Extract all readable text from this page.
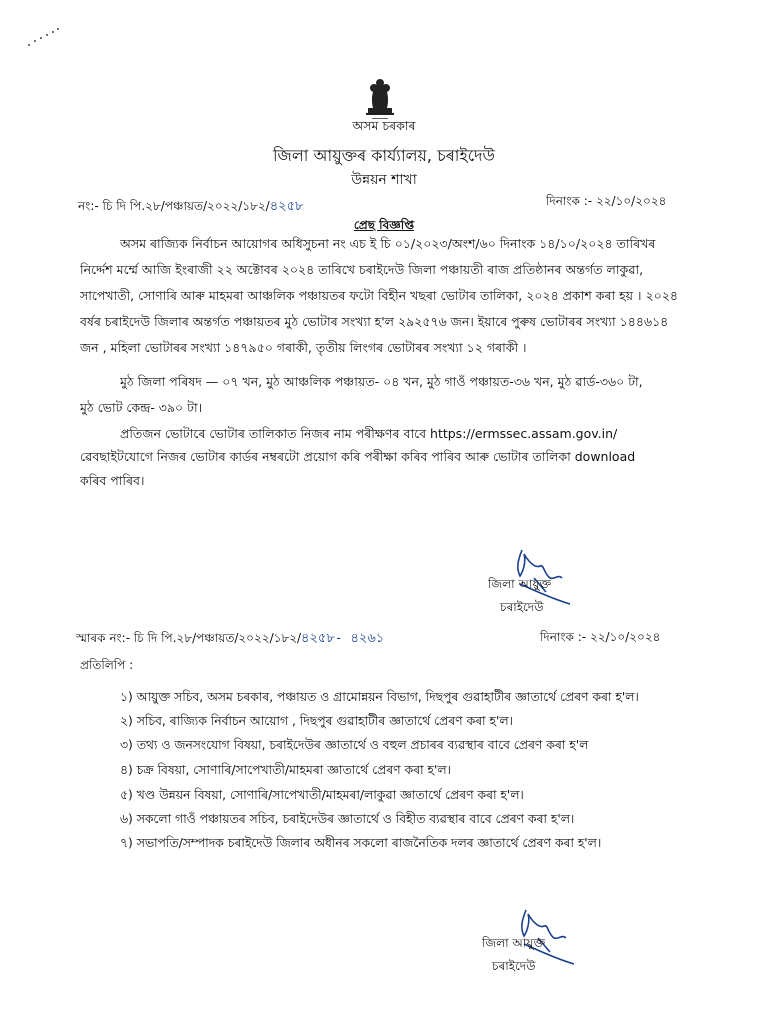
অসম চৰকাৰ
জিলা আয়ুক্তৰ কাৰ্য্যালয়, চৰাইদেউ
উন্নয়ন শাখা
নং:- চি দি পি.২৮/পঞ্চায়ত/২০২২/১৮২/৪২৫৮	দিনাংক :- ২২/১০/২০২৪
প্ৰেছ বিজ্ঞপ্তি
অসম ৰাজ্যিক নিৰ্বাচন আয়োগৰ অধিসুচনা নং এচ ই চি ০১/২০২৩/অংশ/৬০ দিনাংক ১৪/১০/২০২৪ তাৰিখৰ
নিৰ্দ্দেশ মৰ্ম্মে আজি ইংৰাজী ২২ অক্টোবৰ ২০২৪ তাৰিখে চৰাইদেউ জিলা পঞ্চায়তী ৰাজ প্ৰতিষ্ঠানৰ অন্তৰ্গত লাকুৱা,
সাপেখাতী, সোণাৰি আৰু মাহমৰা আঞ্চলিক পঞ্চায়তৰ ফটো বিহীন খছৰা ভোটাৰ তালিকা, ২০২৪ প্ৰকাশ কৰা হয় । ২০২৪
বৰ্ষৰ চৰাইদেউ জিলাৰ অন্তৰ্গত পঞ্চায়তৰ মুঠ ভোটাৰ সংখ্যা হ'ল ২৯২৫৭৬ জন। ইয়াৰে পুৰুষ ভোটাৰৰ সংখ্যা ১৪৪৬১৪
জন , মহিলা ভোটাৰৰ সংখ্যা ১৪৭৯৫০ গৰাকী, তৃতীয় লিংগৰ ভোটাৰৰ সংখ্যা ১২ গৰাকী ।
মুঠ জিলা পৰিষদ — ০৭ খন, মুঠ আঞ্চলিক পঞ্চায়ত- ০৪ খন, মুঠ গাওঁ পঞ্চায়ত-৩৬ খন, মুঠ ৱাৰ্ড-৩৬০ টা,
মুঠ ভোট কেন্দ্ৰ- ৩৯০ টা।
প্ৰতিজন ভোটাৰে ভোটাৰ তালিকাত নিজৰ নাম পৰীক্ষণৰ বাবে https://ermssec.assam.gov.in/
ৱেবছাইটযোগে নিজৰ ভোটাৰ কাৰ্ডৰ নম্বৰটো প্ৰয়োগ কৰি পৰীক্ষা কৰিব পাৰিব আৰু ভোটাৰ তালিকা download
কৰিব পাৰিব।
জিলা আয়ুক্ত
চৰাইদেউ
স্মাৰক নং:- চি দি পি.২৮/পঞ্চায়ত/২০২২/১৮২/৪২৫৮- ৪২৬১	দিনাংক :- ২২/১০/২০২৪
প্ৰতিলিপি :
১) আয়ুক্ত সচিব, অসম চৰকাৰ, পঞ্চায়ত ও গ্ৰামোন্নয়ন বিভাগ, দিছপুৰ গুৱাহাটীৰ জ্ঞাতাৰ্থে প্ৰেৰণ কৰা হ'ল।
২) সচিব, ৰাজ্যিক নিৰ্বাচন আয়োগ , দিছপুৰ গুৱাহাটীৰ জ্ঞাতাৰ্থে প্ৰেৰণ কৰা হ'ল।
৩) তথ্য ও জনসংযোগ বিষয়া, চৰাইদেউৰ জ্ঞাতাৰ্থে ও বহুল প্ৰচাৰৰ ব্যৱস্থাৰ বাবে প্ৰেৰণ কৰা হ'ল
৪) চক্ৰ বিষয়া, সোণাৰি/সাপেখাতী/মাহমৰা জ্ঞাতাৰ্থে প্ৰেৰণ কৰা হ'ল।
৫) খণ্ড উন্নয়ন বিষয়া, সোণাৰি/সাপেখাতী/মাহমৰা/লাকুৱা জ্ঞাতাৰ্থে প্ৰেৰণ কৰা হ'ল।
৬) সকলো গাওঁ পঞ্চায়তৰ সচিব, চৰাইদেউৰ জ্ঞাতাৰ্থে ও বিহীত ব্যৱস্থাৰ বাবে প্ৰেৰণ কৰা হ'ল।
৭) সভাপতি/সম্পাদক চৰাইদেউ জিলাৰ অধীনৰ সকলো ৰাজনৈতিক দলৰ জ্ঞাতাৰ্থে প্ৰেৰণ কৰা হ'ল।
জিলা আয়ুক্ত
চৰাইদেউ
